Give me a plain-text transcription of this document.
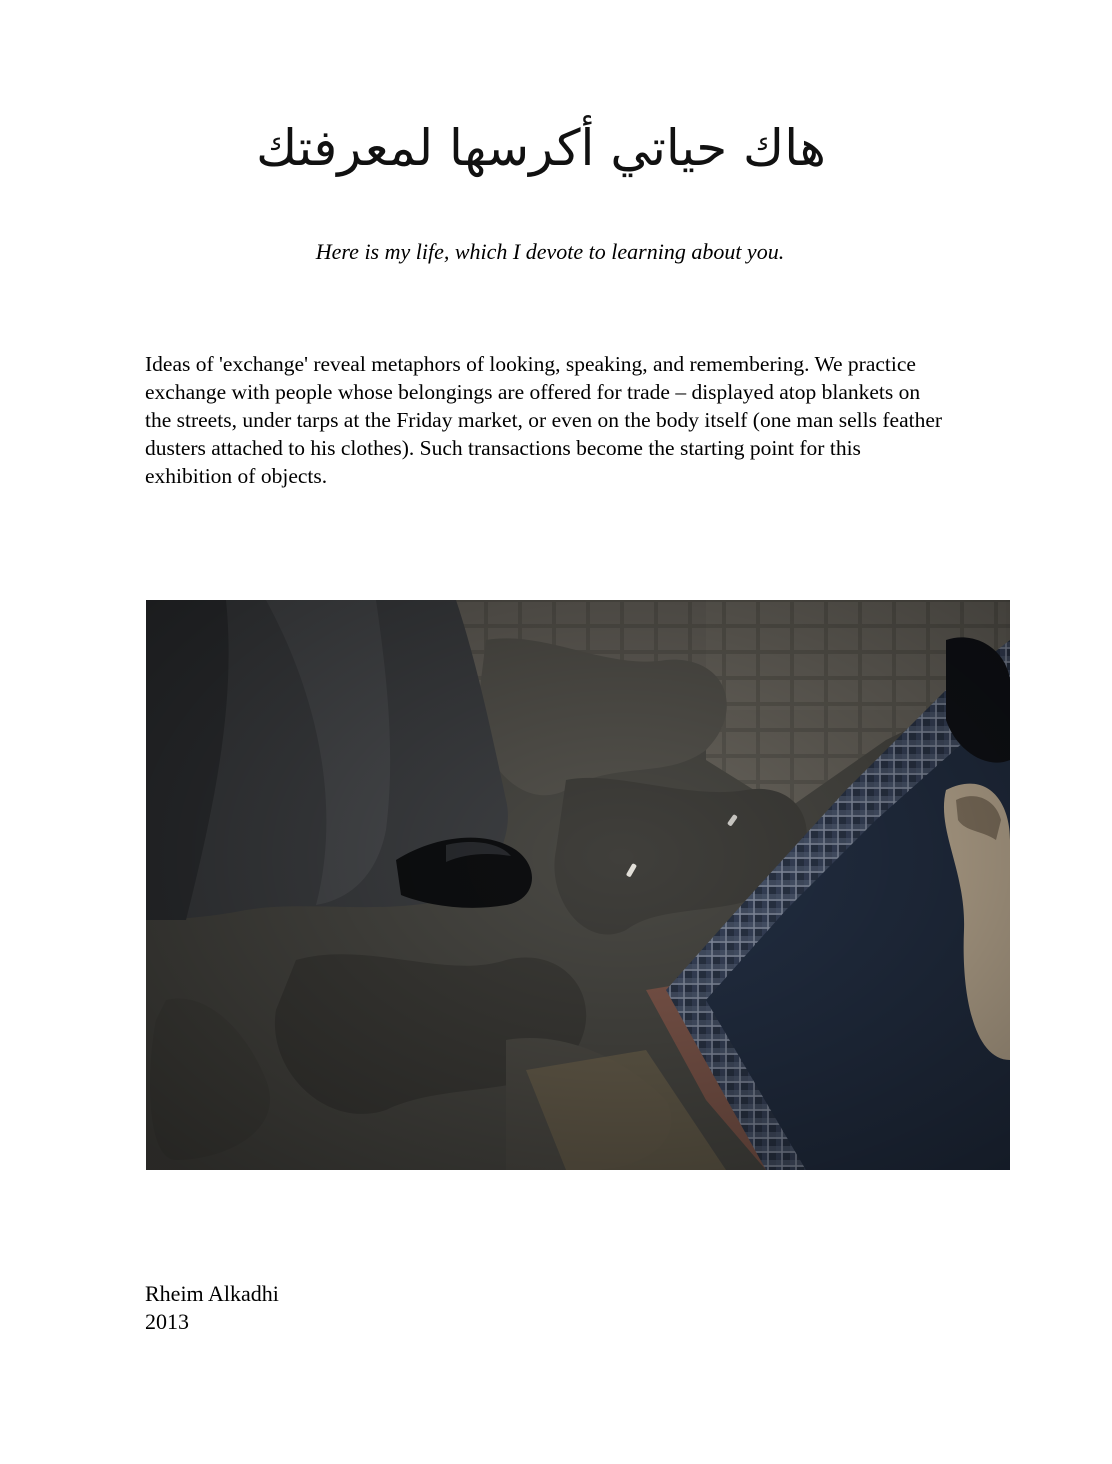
هاك حياتي أكرسها لمعرفتك
Here is my life, which I devote to learning about you.

Ideas of 'exchange' reveal metaphors of looking, speaking, and remembering. We practice exchange with people whose belongings are offered for trade – displayed atop blankets on the streets, under tarps at the Friday market, or even on the body itself (one man sells feather dusters attached to his clothes). Such transactions become the starting point for this exhibition of objects.

Rheim Alkadhi
2013
